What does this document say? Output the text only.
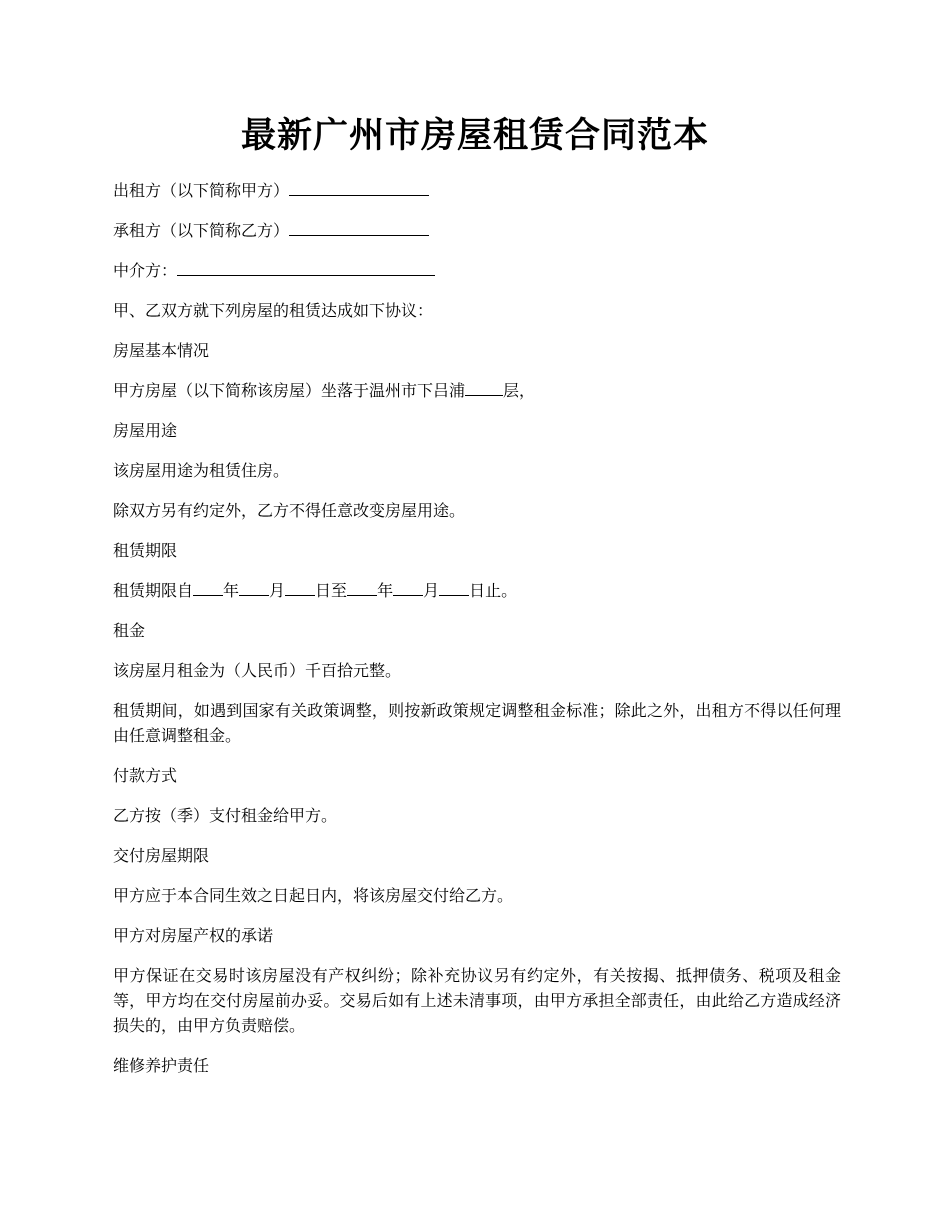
最新广州市房屋租赁合同范本

出租方（以下简称甲方）

承租方（以下简称乙方）

中介方：

甲、乙双方就下列房屋的租赁达成如下协议：

房屋基本情况

甲方房屋（以下简称该房屋）坐落于温州市下吕浦 层，

房屋用途

该房屋用途为租赁住房。

除双方另有约定外，乙方不得任意改变房屋用途。

租赁期限

租赁期限自 年 月 日至 年 月 日止。

租金

该房屋月租金为（人民币）千百拾元整。

租赁期间，如遇到国家有关政策调整，则按新政策规定调整租金标准；除此之外，出租方不得以任何理由任意调整租金。

付款方式

乙方按（季）支付租金给甲方。

交付房屋期限

甲方应于本合同生效之日起日内，将该房屋交付给乙方。

甲方对房屋产权的承诺

甲方保证在交易时该房屋没有产权纠纷；除补充协议另有约定外，有关按揭、抵押债务、税项及租金等，甲方均在交付房屋前办妥。交易后如有上述未清事项，由甲方承担全部责任，由此给乙方造成经济损失的，由甲方负责赔偿。

维修养护责任
